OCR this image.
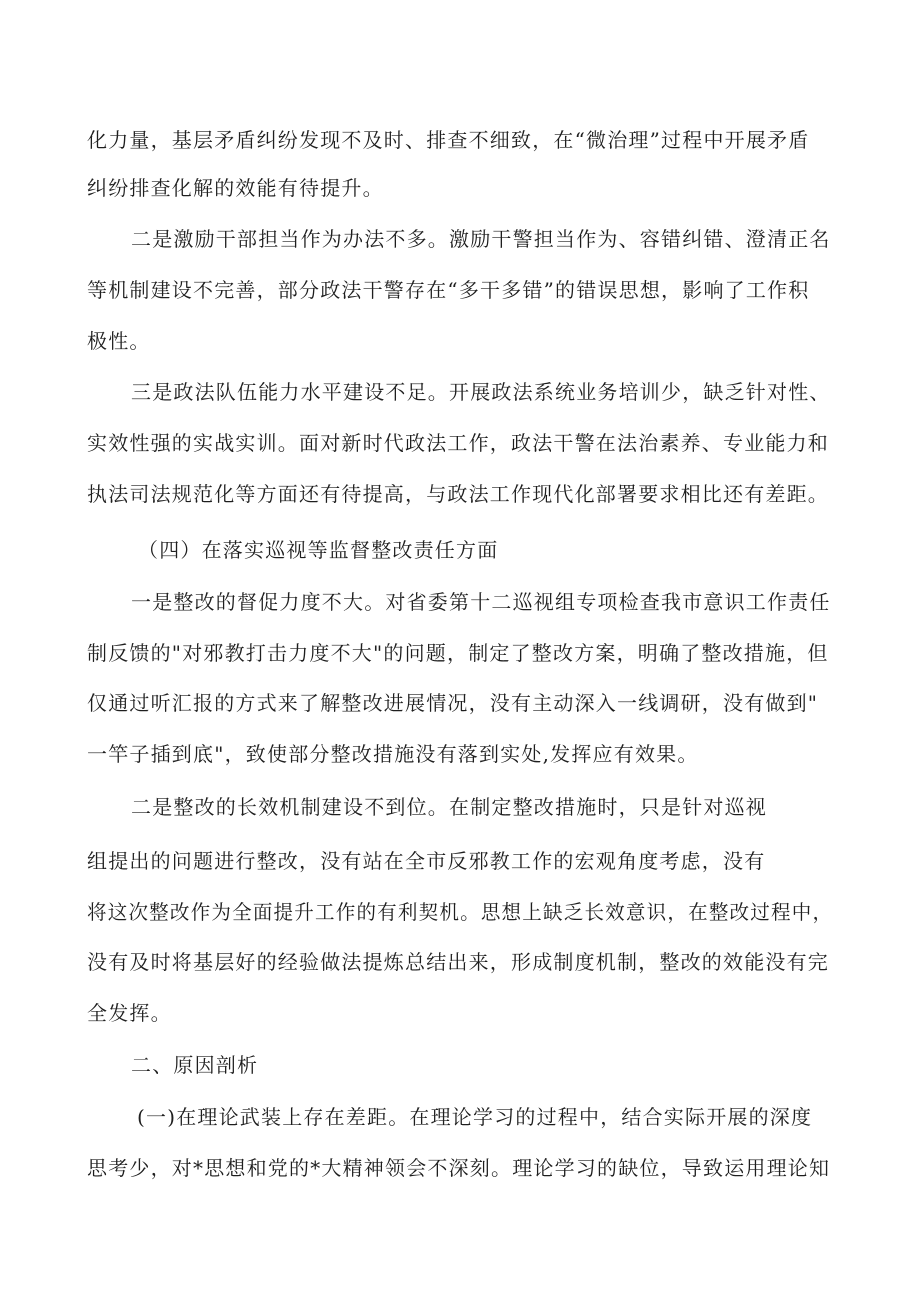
化力量，基层矛盾纠纷发现不及时、排查不细致，在“微治理”过程中开展矛盾
纠纷排查化解的效能有待提升。
二是激励干部担当作为办法不多。激励干警担当作为、容错纠错、澄清正名
等机制建设不完善，部分政法干警存在“多干多错”的错误思想，影响了工作积
极性。
三是政法队伍能力水平建设不足。开展政法系统业务培训少，缺乏针对性、
实效性强的实战实训。面对新时代政法工作，政法干警在法治素养、专业能力和
执法司法规范化等方面还有待提高，与政法工作现代化部署要求相比还有差距。
（四）在落实巡视等监督整改责任方面
一是整改的督促力度不大。对省委第十二巡视组专项检查我市意识工作责任
制反馈的"对邪教打击力度不大"的问题，制定了整改方案，明确了整改措施，但
仅通过听汇报的方式来了解整改进展情况，没有主动深入一线调研，没有做到"
一竿子插到底"，致使部分整改措施没有落到实处,发挥应有效果。
二是整改的长效机制建设不到位。在制定整改措施时，只是针对巡视
组提出的问题进行整改，没有站在全市反邪教工作的宏观角度考虑，没有
将这次整改作为全面提升工作的有利契机。思想上缺乏长效意识，在整改过程中，
没有及时将基层好的经验做法提炼总结出来，形成制度机制，整改的效能没有完
全发挥。
二、原因剖析
(一)在理论武装上存在差距。在理论学习的过程中，结合实际开展的深度
思考少，对*思想和党的*大精神领会不深刻。理论学习的缺位，导致运用理论知
